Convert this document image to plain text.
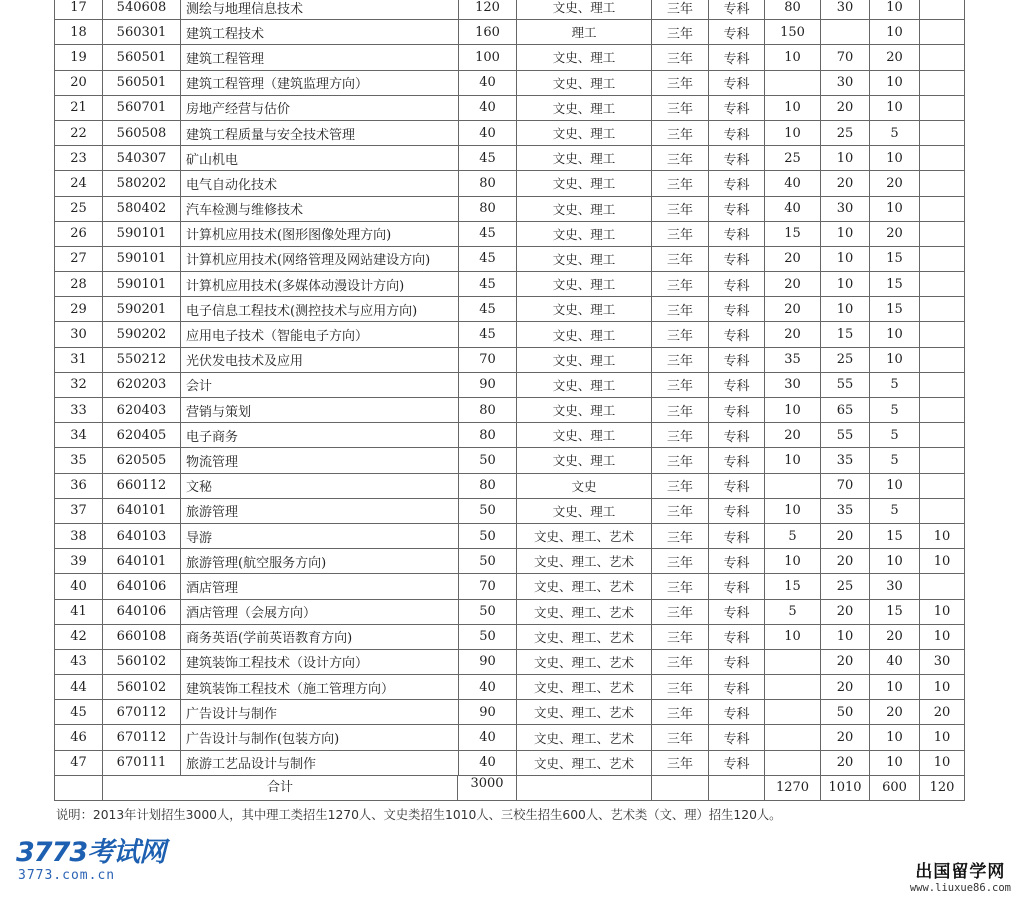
17	540608	测绘与地理信息技术	120	文史、理工	三年	专科	80	30	10	
18	560301	建筑工程技术	160	理工	三年	专科	150		10	
19	560501	建筑工程管理	100	文史、理工	三年	专科	10	70	20	
20	560501	建筑工程管理（建筑监理方向）	40	文史、理工	三年	专科		30	10	
21	560701	房地产经营与估价	40	文史、理工	三年	专科	10	20	10	
22	560508	建筑工程质量与安全技术管理	40	文史、理工	三年	专科	10	25	5	
23	540307	矿山机电	45	文史、理工	三年	专科	25	10	10	
24	580202	电气自动化技术	80	文史、理工	三年	专科	40	20	20	
25	580402	汽车检测与维修技术	80	文史、理工	三年	专科	40	30	10	
26	590101	计算机应用技术(图形图像处理方向)	45	文史、理工	三年	专科	15	10	20	
27	590101	计算机应用技术(网络管理及网站建设方向)	45	文史、理工	三年	专科	20	10	15	
28	590101	计算机应用技术(多媒体动漫设计方向)	45	文史、理工	三年	专科	20	10	15	
29	590201	电子信息工程技术(测控技术与应用方向)	45	文史、理工	三年	专科	20	10	15	
30	590202	应用电子技术（智能电子方向）	45	文史、理工	三年	专科	20	15	10	
31	550212	光伏发电技术及应用	70	文史、理工	三年	专科	35	25	10	
32	620203	会计	90	文史、理工	三年	专科	30	55	5	
33	620403	营销与策划	80	文史、理工	三年	专科	10	65	5	
34	620405	电子商务	80	文史、理工	三年	专科	20	55	5	
35	620505	物流管理	50	文史、理工	三年	专科	10	35	5	
36	660112	文秘	80	文史	三年	专科		70	10	
37	640101	旅游管理	50	文史、理工	三年	专科	10	35	5	
38	640103	导游	50	文史、理工、艺术	三年	专科	5	20	15	10
39	640101	旅游管理(航空服务方向)	50	文史、理工、艺术	三年	专科	10	20	10	10
40	640106	酒店管理	70	文史、理工、艺术	三年	专科	15	25	30	
41	640106	酒店管理（会展方向）	50	文史、理工、艺术	三年	专科	5	20	15	10
42	660108	商务英语(学前英语教育方向)	50	文史、理工、艺术	三年	专科	10	10	20	10
43	560102	建筑装饰工程技术（设计方向）	90	文史、理工、艺术	三年	专科		20	40	30
44	560102	建筑装饰工程技术（施工管理方向）	40	文史、理工、艺术	三年	专科		20	10	10
45	670112	广告设计与制作	90	文史、理工、艺术	三年	专科		50	20	20
46	670112	广告设计与制作(包装方向)	40	文史、理工、艺术	三年	专科		20	10	10
47	670111	旅游工艺品设计与制作	40	文史、理工、艺术	三年	专科		20	10	10

	合计 3000						1270	1010	600	120
说明：2013年计划招生3000人，其中理工类招生1270人、文史类招生1010人、三校生招生600人、艺术类（文、理）招生120人。
3773考试网
3773.com.cn	出国留学网
www.liuxue86.com
